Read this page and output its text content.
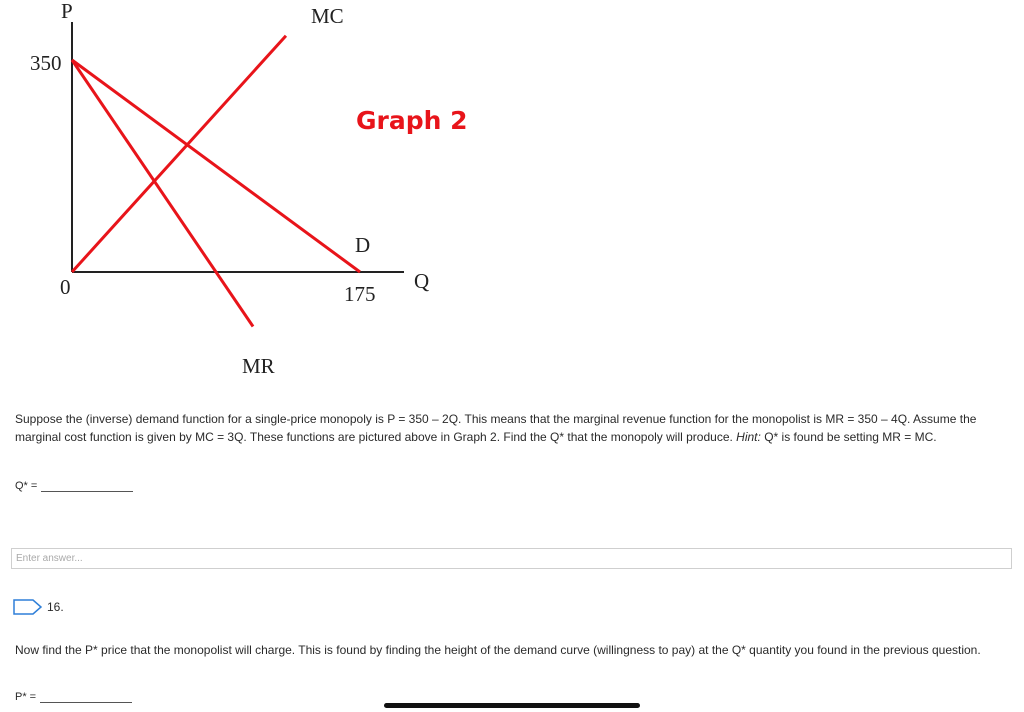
P
350
0	175
Q
MC
D
MR
Graph 2
Suppose the (inverse) demand function for a single-price monopoly is P = 350 – 2Q. This means that the marginal revenue function for the monopolist is MR = 350 – 4Q. Assume the marginal cost function is given by MC = 3Q. These functions are pictured above in Graph 2. Find the Q* that the monopoly will produce. Hint: Q* is found be setting MR = MC.
Q* =
Enter answer...
16.
Now find the P* price that the monopolist will charge. This is found by finding the height of the demand curve (willingness to pay) at the Q* quantity you found in the previous question.
P* =
